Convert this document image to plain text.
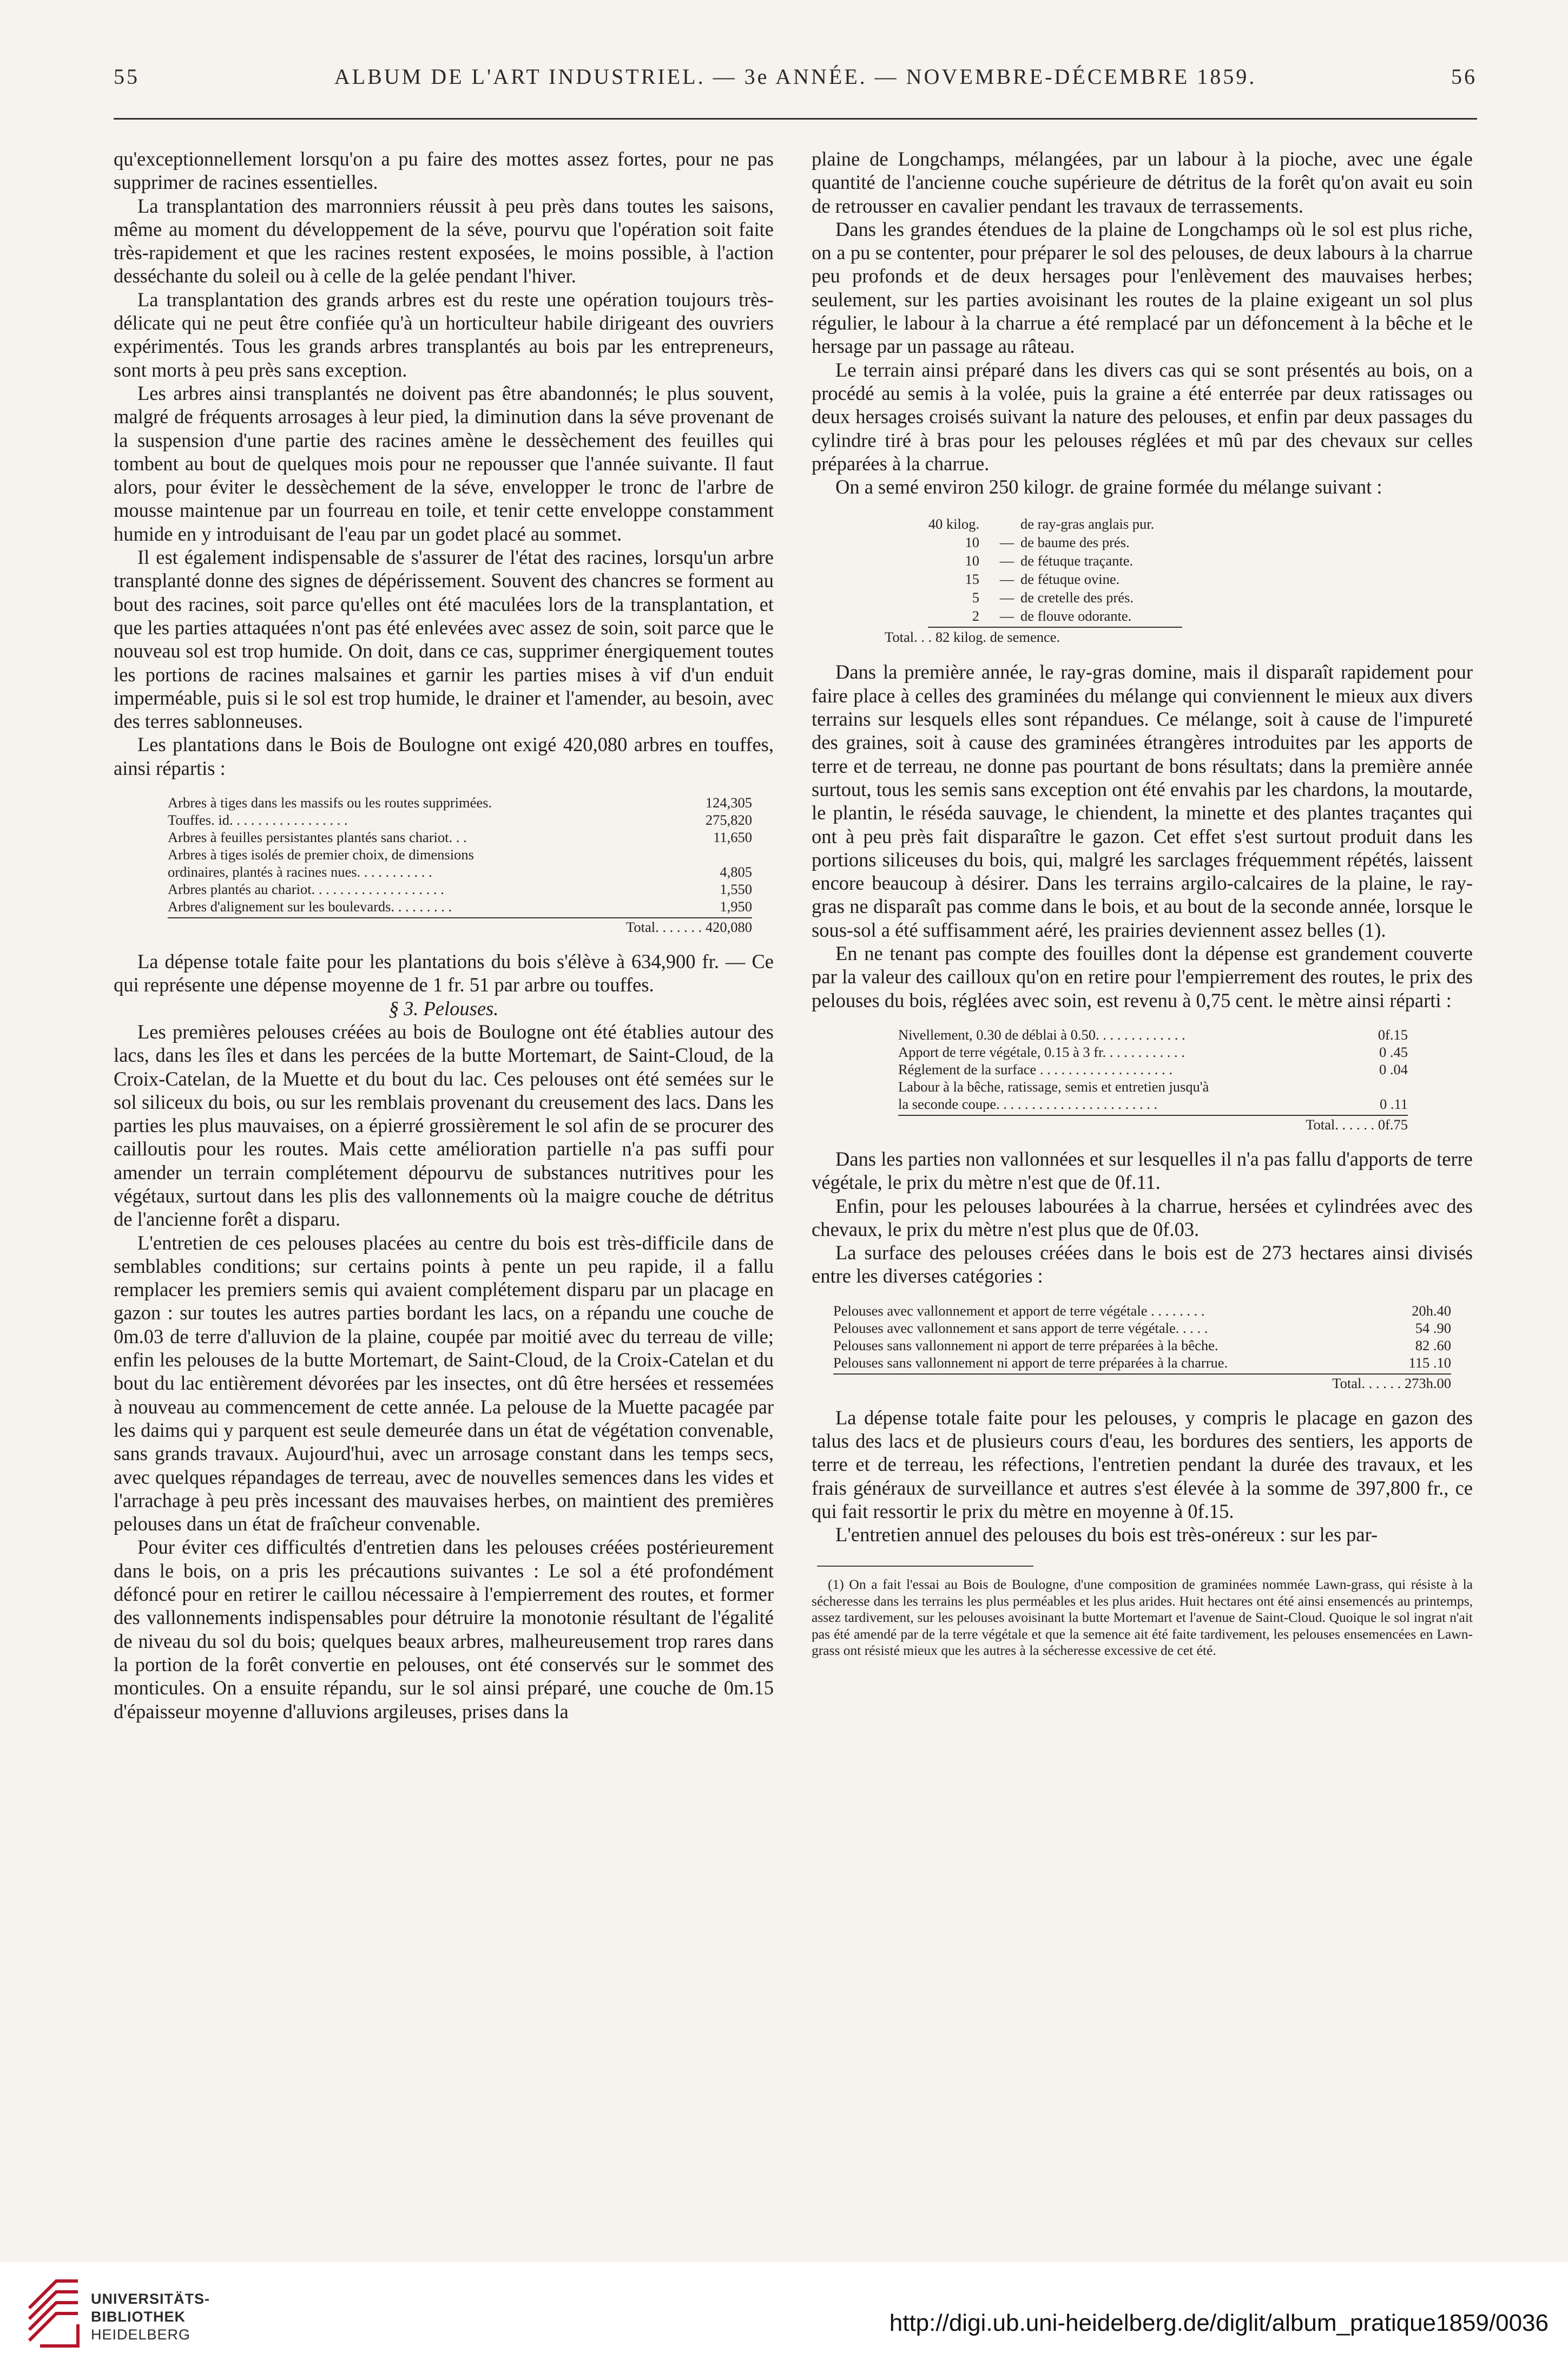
55	ALBUM DE L'ART INDUSTRIEL. — 3e ANNÉE. — NOVEMBRE-DÉCEMBRE 1859.	56

qu'exceptionnellement lorsqu'on a pu faire des mottes assez fortes, pour ne pas supprimer de racines essentielles.

La transplantation des marronniers réussit à peu près dans toutes les saisons, même au moment du développement de la séve, pourvu que l'opération soit faite très-rapidement et que les racines restent exposées, le moins possible, à l'action desséchante du soleil ou à celle de la gelée pendant l'hiver.

La transplantation des grands arbres est du reste une opération toujours très-délicate qui ne peut être confiée qu'à un horticulteur habile dirigeant des ouvriers expérimentés. Tous les grands arbres transplantés au bois par les entrepreneurs, sont morts à peu près sans exception.

Les arbres ainsi transplantés ne doivent pas être abandonnés; le plus souvent, malgré de fréquents arrosages à leur pied, la diminution dans la séve provenant de la suspension d'une partie des racines amène le dessèchement des feuilles qui tombent au bout de quelques mois pour ne repousser que l'année suivante. Il faut alors, pour éviter le dessèchement de la séve, envelopper le tronc de l'arbre de mousse maintenue par un fourreau en toile, et tenir cette enveloppe constamment humide en y introduisant de l'eau par un godet placé au sommet.

Il est également indispensable de s'assurer de l'état des racines, lorsqu'un arbre transplanté donne des signes de dépérissement. Souvent des chancres se forment au bout des racines, soit parce qu'elles ont été maculées lors de la transplantation, et que les parties attaquées n'ont pas été enlevées avec assez de soin, soit parce que le nouveau sol est trop humide. On doit, dans ce cas, supprimer énergiquement toutes les portions de racines malsaines et garnir les parties mises à vif d'un enduit imperméable, puis si le sol est trop humide, le drainer et l'amender, au besoin, avec des terres sablonneuses.

Les plantations dans le Bois de Boulogne ont exigé 420,080 arbres en touffes, ainsi répartis :

Arbres à tiges dans les massifs ou les routes supprimées.	124,305
Touffes. id. . . . . . . . . . . . . . . . .	275,820
Arbres à feuilles persistantes plantés sans chariot. . .	11,650
Arbres à tiges isolés de premier choix, de dimensions
ordinaires, plantés à racines nues. . . . . . . . . . .	4,805
Arbres plantés au chariot. . . . . . . . . . . . . . . . . . .	1,550
Arbres d'alignement sur les boulevards. . . . . . . . .	1,950
Total. . . . . . . 420,080

La dépense totale faite pour les plantations du bois s'élève à 634,900 fr. — Ce qui représente une dépense moyenne de 1 fr. 51 par arbre ou touffes.

§ 3. Pelouses.

Les premières pelouses créées au bois de Boulogne ont été établies autour des lacs, dans les îles et dans les percées de la butte Mortemart, de Saint-Cloud, de la Croix-Catelan, de la Muette et du bout du lac. Ces pelouses ont été semées sur le sol siliceux du bois, ou sur les remblais provenant du creusement des lacs. Dans les parties les plus mauvaises, on a épierré grossièrement le sol afin de se procurer des cailloutis pour les routes. Mais cette amélioration partielle n'a pas suffi pour amender un terrain complétement dépourvu de substances nutritives pour les végétaux, surtout dans les plis des vallonnements où la maigre couche de détritus de l'ancienne forêt a disparu.

L'entretien de ces pelouses placées au centre du bois est très-difficile dans de semblables conditions; sur certains points à pente un peu rapide, il a fallu remplacer les premiers semis qui avaient complétement disparu par un placage en gazon : sur toutes les autres parties bordant les lacs, on a répandu une couche de 0m.03 de terre d'alluvion de la plaine, coupée par moitié avec du terreau de ville; enfin les pelouses de la butte Mortemart, de Saint-Cloud, de la Croix-Catelan et du bout du lac entièrement dévorées par les insectes, ont dû être hersées et ressemées à nouveau au commencement de cette année. La pelouse de la Muette pacagée par les daims qui y parquent est seule demeurée dans un état de végétation convenable, sans grands travaux. Aujourd'hui, avec un arrosage constant dans les temps secs, avec quelques répandages de terreau, avec de nouvelles semences dans les vides et l'arrachage à peu près incessant des mauvaises herbes, on maintient des premières pelouses dans un état de fraîcheur convenable.

Pour éviter ces difficultés d'entretien dans les pelouses créées postérieurement dans le bois, on a pris les précautions suivantes : Le sol a été profondément défoncé pour en retirer le caillou nécessaire à l'empierrement des routes, et former des vallonnements indispensables pour détruire la monotonie résultant de l'égalité de niveau du sol du bois; quelques beaux arbres, malheureusement trop rares dans la portion de la forêt convertie en pelouses, ont été conservés sur le sommet des monticules. On a ensuite répandu, sur le sol ainsi préparé, une couche de 0m.15 d'épaisseur moyenne d'alluvions argileuses, prises dans la

plaine de Longchamps, mélangées, par un labour à la pioche, avec une égale quantité de l'ancienne couche supérieure de détritus de la forêt qu'on avait eu soin de retrousser en cavalier pendant les travaux de terrassements.

Dans les grandes étendues de la plaine de Longchamps où le sol est plus riche, on a pu se contenter, pour préparer le sol des pelouses, de deux labours à la charrue peu profonds et de deux hersages pour l'enlèvement des mauvaises herbes; seulement, sur les parties avoisinant les routes de la plaine exigeant un sol plus régulier, le labour à la charrue a été remplacé par un défoncement à la bêche et le hersage par un passage au râteau.

Le terrain ainsi préparé dans les divers cas qui se sont présentés au bois, on a procédé au semis à la volée, puis la graine a été enterrée par deux ratissages ou deux hersages croisés suivant la nature des pelouses, et enfin par deux passages du cylindre tiré à bras pour les pelouses réglées et mû par des chevaux sur celles préparées à la charrue.

On a semé environ 250 kilogr. de graine formée du mélange suivant :

40 kilog.	de ray-gras anglais pur.
10	— de baume des prés.
10	— de fétuque traçante.
15	— de fétuque ovine.
5	— de cretelle des prés.
2	— de flouve odorante.
Total. . . 82 kilog. de semence.

Dans la première année, le ray-gras domine, mais il disparaît rapidement pour faire place à celles des graminées du mélange qui conviennent le mieux aux divers terrains sur lesquels elles sont répandues. Ce mélange, soit à cause de l'impureté des graines, soit à cause des graminées étrangères introduites par les apports de terre et de terreau, ne donne pas pourtant de bons résultats; dans la première année surtout, tous les semis sans exception ont été envahis par les chardons, la moutarde, le plantin, le réséda sauvage, le chiendent, la minette et des plantes traçantes qui ont à peu près fait disparaître le gazon. Cet effet s'est surtout produit dans les portions siliceuses du bois, qui, malgré les sarclages fréquemment répétés, laissent encore beaucoup à désirer. Dans les terrains argilo-calcaires de la plaine, le ray-gras ne disparaît pas comme dans le bois, et au bout de la seconde année, lorsque le sous-sol a été suffisamment aéré, les prairies deviennent assez belles (1).

En ne tenant pas compte des fouilles dont la dépense est grandement couverte par la valeur des cailloux qu'on en retire pour l'empierrement des routes, le prix des pelouses du bois, réglées avec soin, est revenu à 0,75 cent. le mètre ainsi réparti :

Nivellement, 0.30 de déblai à 0.50. . . . . . . . . . . . .	0f.15
Apport de terre végétale, 0.15 à 3 fr. . . . . . . . . . . .	0 .45
Réglement de la surface . . . . . . . . . . . . . . . . . . .	0 .04
Labour à la bêche, ratissage, semis et entretien jusqu'à
la seconde coupe. . . . . . . . . . . . . . . . . . . . . . .	0 .11
Total. . . . . . 0f.75

Dans les parties non vallonnées et sur lesquelles il n'a pas fallu d'apports de terre végétale, le prix du mètre n'est que de 0f.11.

Enfin, pour les pelouses labourées à la charrue, hersées et cylindrées avec des chevaux, le prix du mètre n'est plus que de 0f.03.

La surface des pelouses créées dans le bois est de 273 hectares ainsi divisés entre les diverses catégories :

Pelouses avec vallonnement et apport de terre végétale . . . . . . . .	20h.40
Pelouses avec vallonnement et sans apport de terre végétale. . . . .	54 .90
Pelouses sans vallonnement ni apport de terre préparées à la bêche.	82 .60
Pelouses sans vallonnement ni apport de terre préparées à la charrue.	115 .10
Total. . . . . . 273h.00

La dépense totale faite pour les pelouses, y compris le placage en gazon des talus des lacs et de plusieurs cours d'eau, les bordures des sentiers, les apports de terre et de terreau, les réfections, l'entretien pendant la durée des travaux, et les frais généraux de surveillance et autres s'est élevée à la somme de 397,800 fr., ce qui fait ressortir le prix du mètre en moyenne à 0f.15.

L'entretien annuel des pelouses du bois est très-onéreux : sur les par-

(1) On a fait l'essai au Bois de Boulogne, d'une composition de graminées nommée Lawn-grass, qui résiste à la sécheresse dans les terrains les plus perméables et les plus arides. Huit hectares ont été ainsi ensemencés au printemps, assez tardivement, sur les pelouses avoisinant la butte Mortemart et l'avenue de Saint-Cloud. Quoique le sol ingrat n'ait pas été amendé par de la terre végétale et que la semence ait été faite tardivement, les pelouses ensemencées en Lawn-grass ont résisté mieux que les autres à la sécheresse excessive de cet été.

UNIVERSITÄTS-
BIBLIOTHEK
HEIDELBERG	http://digi.ub.uni-heidelberg.de/diglit/album_pratique1859/0036
